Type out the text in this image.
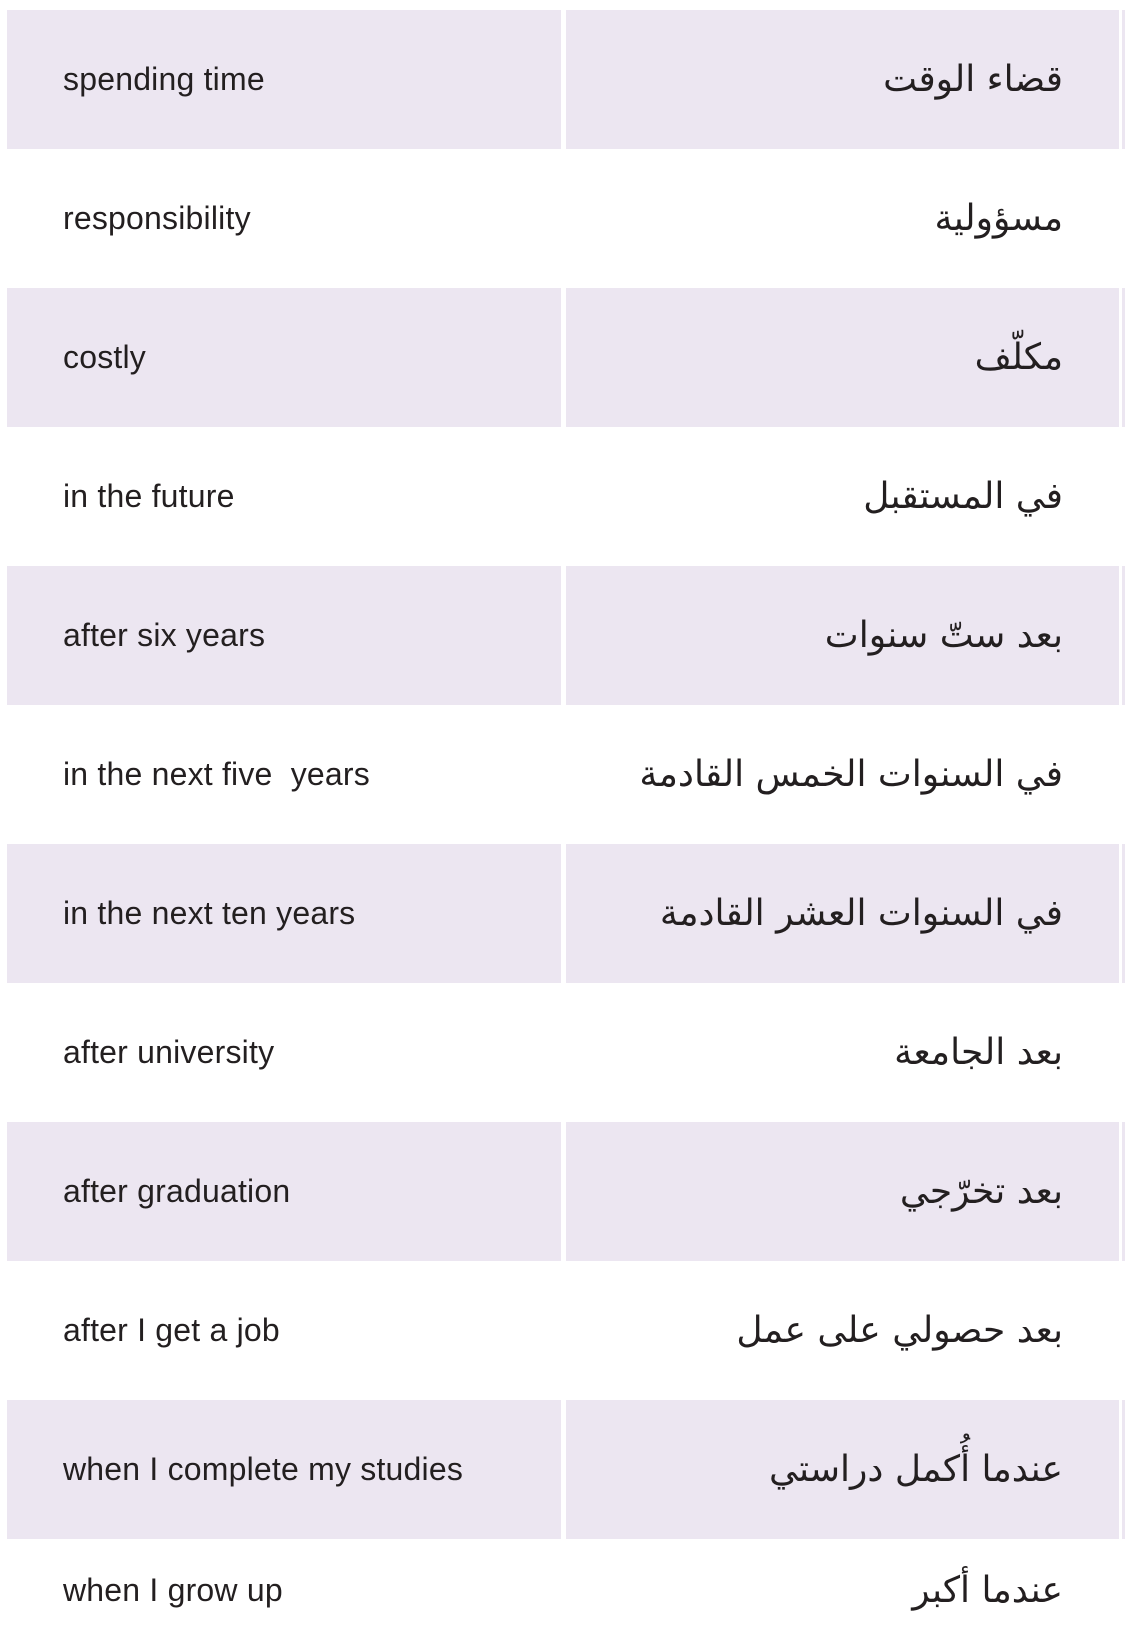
spending time	قضاء الوقت
responsibility	مسؤولية
costly	مكلّف
in the future	في المستقبل
after six years	بعد ستّ سنوات
in the next five  years	في السنوات الخمس القادمة
in the next ten years	في السنوات العشر القادمة
after university	بعد الجامعة
after graduation	بعد تخرّجي
after I get a job	بعد حصولي على عمل
when I complete my studies	عندما أُكمل دراستي
when I grow up	عندما أكبر
